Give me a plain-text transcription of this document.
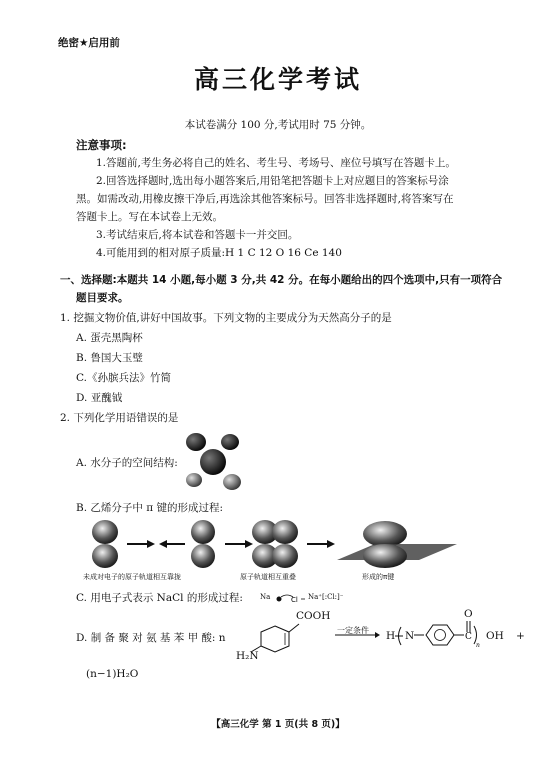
绝密★启用前
高三化学考试
本试卷满分 100 分,考试用时 75 分钟。
注意事项:
1.答题前,考生务必将自己的姓名、考生号、考场号、座位号填写在答题卡上。
2.回答选择题时,选出每小题答案后,用铅笔把答题卡上对应题目的答案标号涂
黑。如需改动,用橡皮擦干净后,再选涂其他答案标号。回答非选择题时,将答案写在
答题卡上。写在本试卷上无效。
3.考试结束后,将本试卷和答题卡一并交回。
4.可能用到的相对原子质量:H 1 C 12 O 16 Ce 140
一、选择题:本题共 14 小题,每小题 3 分,共 42 分。在每小题给出的四个选项中,只有一项符合
题目要求。
1. 挖掘文物价值,讲好中国故事。下列文物的主要成分为天然高分子的是
A. 蛋壳黑陶杯
B. 鲁国大玉璧
C.《孙膑兵法》竹简
D. 亚醜钺
2. 下列化学用语错误的是
A. 水分子的空间结构:
B. 乙烯分子中 π 键的形成过程:
未成对电子的原子轨道相互靠拢	原子轨道相互重叠	形成的π键
C. 用电子式表示 NaCl 的形成过程: Na	Cl Na⁺[:Cl:]⁻
D. 制 备 聚 对 氨 基 苯 甲 酸: n
COOH
H₂N
一定条件 → H N
O
C
n
OH +
(n−1)H₂O
【高三化学 第 1 页(共 8 页)】
